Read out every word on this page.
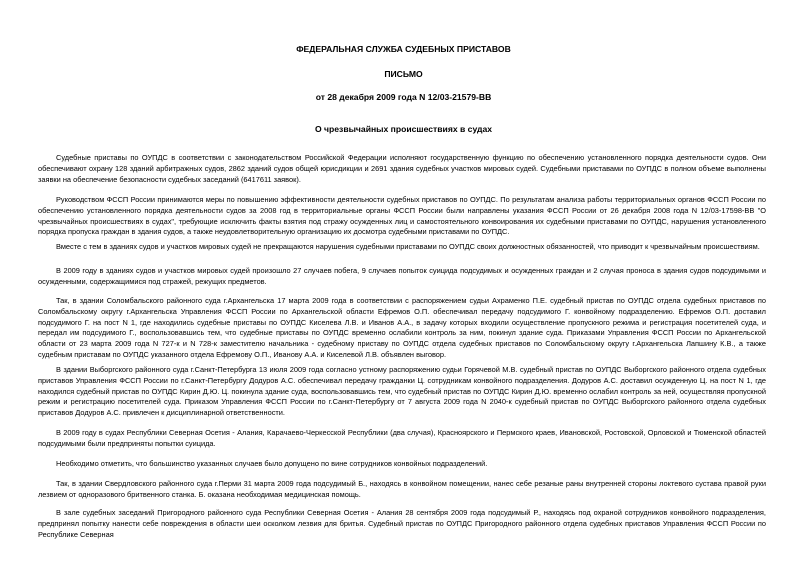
ФЕДЕРАЛЬНАЯ СЛУЖБА СУДЕБНЫХ ПРИСТАВОВ
ПИСЬМО
от 28 декабря 2009 года N 12/03-21579-ВВ
О чрезвычайных происшествиях в судах

Судебные приставы по ОУПДС в соответствии с законодательством Российской Федерации исполняют государственную функцию по обеспечению установленного порядка деятельности судов. Они обеспечивают охрану 128 зданий арбитражных судов, 2862 зданий судов общей юрисдикции и 2691 здания судебных участков мировых судей. Судебными приставами по ОУПДС в полном объеме выполнены заявки на обеспечение безопасности судебных заседаний (6417611 заявок).

Руководством ФССП России принимаются меры по повышению эффективности деятельности судебных приставов по ОУПДС. По результатам анализа работы территориальных органов ФССП России по обеспечению установленного порядка деятельности судов за 2008 год в территориальные органы ФССП России были направлены указания ФССП России от 26 декабря 2008 года N 12/03-17598-ВВ "О чрезвычайных происшествиях в судах", требующие исключить факты взятия под стражу осужденных лиц и самостоятельного конвоирования их судебными приставами по ОУПДС, нарушения установленного порядка пропуска граждан в здания судов, а также неудовлетворительную организацию их досмотра судебными приставами по ОУПДС.

Вместе с тем в зданиях судов и участков мировых судей не прекращаются нарушения судебными приставами по ОУПДС своих должностных обязанностей, что приводит к чрезвычайным происшествиям.

В 2009 году в зданиях судов и участков мировых судей произошло 27 случаев побега, 9 случаев попыток суицида подсудимых и осужденных граждан и 2 случая проноса в здания судов подсудимыми и осужденными, содержащимися под стражей, режущих предметов.

Так, в здании Соломбальского районного суда г.Архангельска 17 марта 2009 года в соответствии с распоряжением судьи Ахраменко П.Е. судебный пристав по ОУПДС отдела судебных приставов по Соломбальскому округу г.Архангельска Управления ФССП России по Архангельской области Ефремов О.П. обеспечивал передачу подсудимого Г. конвойному подразделению. Ефремов О.П. доставил подсудимого Г. на пост N 1, где находились судебные приставы по ОУПДС Киселева Л.В. и Иванов А.А., в задачу которых входили осуществление пропускного режима и регистрация посетителей суда, и передал им подсудимого Г., воспользовавшись тем, что судебные приставы по ОУПДС временно ослабили контроль за ним, покинул здание суда. Приказами Управления ФССП России по Архангельской области от 23 марта 2009 года N 727-к и N 728-к заместителю начальника - судебному приставу по ОУПДС отдела судебных приставов по Соломбальскому округу г.Архангельска Лапшину К.В., а также судебным приставам по ОУПДС указанного отдела Ефремову О.П., Иванову А.А. и Киселевой Л.В. объявлен выговор.

В здании Выборгского районного суда г.Санкт-Петербурга 13 июля 2009 года согласно устному распоряжению судьи Горячевой М.В. судебный пристав по ОУПДС Выборгского районного отдела судебных приставов Управления ФССП России по г.Санкт-Петербургу Додуров А.С. обеспечивал передачу гражданки Ц. сотрудникам конвойного подразделения. Додуров А.С. доставил осужденную Ц. на пост N 1, где находился судебный пристав по ОУПДС Кирин Д.Ю. Ц. покинула здание суда, воспользовавшись тем, что судебный пристав по ОУПДС Кирин Д.Ю. временно ослабил контроль за ней, осуществляя пропускной режим и регистрацию посетителей суда. Приказом Управления ФССП России по г.Санкт-Петербургу от 7 августа 2009 года N 2040-к судебный пристав по ОУПДС Выборгского районного отдела судебных приставов Додуров А.С. привлечен к дисциплинарной ответственности.

В 2009 году в судах Республики Северная Осетия - Алания, Карачаево-Черкесской Республики (два случая), Красноярского и Пермского краев, Ивановской, Ростовской, Орловской и Тюменской областей подсудимыми были предприняты попытки суицида.

Необходимо отметить, что большинство указанных случаев было допущено по вине сотрудников конвойных подразделений.

Так, в здании Свердловского районного суда г.Перми 31 марта 2009 года подсудимый Б., находясь в конвойном помещении, нанес себе резаные раны внутренней стороны локтевого сустава правой руки лезвием от одноразового бритвенного станка. Б. оказана необходимая медицинская помощь.

В зале судебных заседаний Пригородного районного суда Республики Северная Осетия - Алания 28 сентября 2009 года подсудимый Р., находясь под охраной сотрудников конвойного подразделения, предпринял попытку нанести себе повреждения в области шеи осколком лезвия для бритья. Судебный пристав по ОУПДС Пригородного районного отдела судебных приставов Управления ФССП России по Республике Северная
